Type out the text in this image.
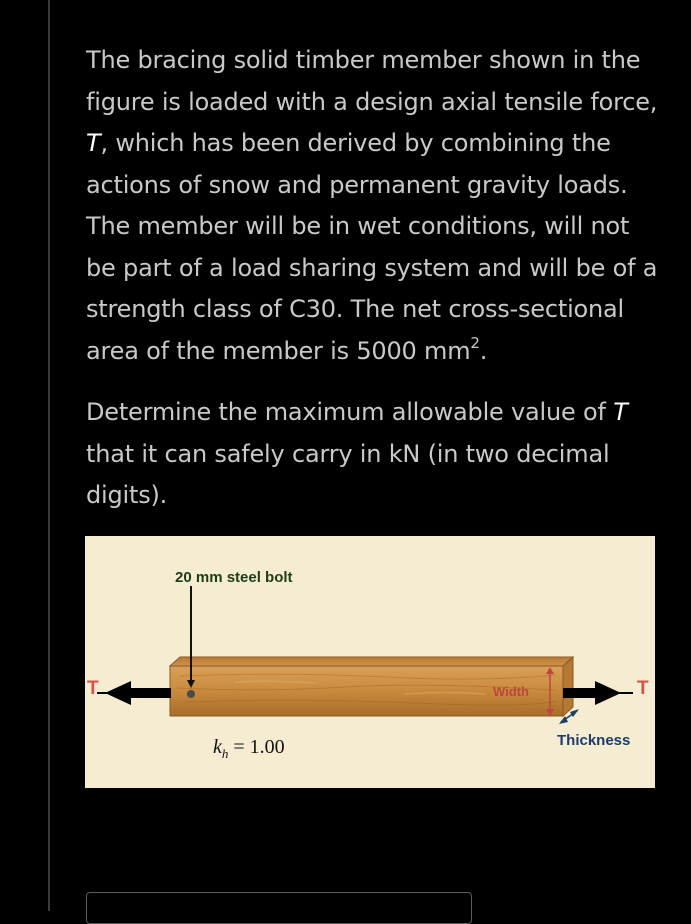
The bracing solid timber member shown in the figure is loaded with a design axial tensile force, T, which has been derived by combining the actions of snow and permanent gravity loads. The member will be in wet conditions, will not be part of a load sharing system and will be of a strength class of C30. The net cross-sectional area of the member is 5000 $mm^2$.

Determine the maximum allowable value of T that it can safely carry in kN (in two decimal digits).

20 mm steel bolt
$k_h = 1.00$
T	T
Width
Thickness
